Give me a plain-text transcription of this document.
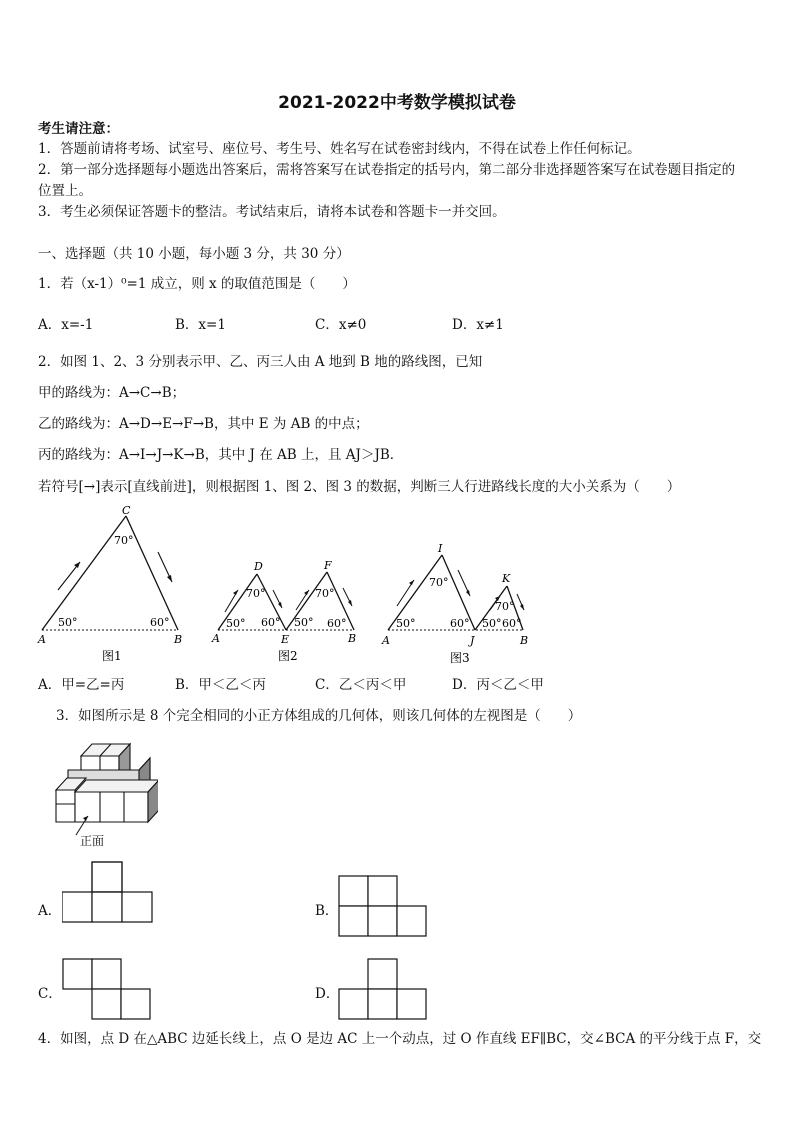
2021-2022中考数学模拟试卷
考生请注意：
1．答题前请将考场、试室号、座位号、考生号、姓名写在试卷密封线内，不得在试卷上作任何标记。
2．第一部分选择题每小题选出答案后，需将答案写在试卷指定的括号内，第二部分非选择题答案写在试卷题目指定的
位置上。
3．考生必须保证答题卡的整洁。考试结束后，请将本试卷和答题卡一并交回。
一、选择题（共 10 小题，每小题 3 分，共 30 分）
1．若（x-1）⁰=1 成立，则 x 的取值范围是（　　）
A．x=-1	B．x=1	C．x≠0	D．x≠1
2．如图 1、2、3 分别表示甲、乙、丙三人由 A 地到 B 地的路线图，已知
甲的路线为：A→C→B；
乙的路线为：A→D→E→F→B，其中 E 为 AB 的中点；
丙的路线为：A→I→J→K→B，其中 J 在 AB 上，且 AJ＞JB．
若符号[→]表示[直线前进]，则根据图 1、图 2、图 3 的数据，判断三人行进路线长度的大小关系为（　　）
C
A	B
70°
50°	60°
图1
D	F
A	E	B
70°	70°
50° 60° 50° 60°
图2
I
K
A	J	B
70°
70°
50°	60° 50° 60°
图3
A．甲=乙=丙	B．甲＜乙＜丙	C．乙＜丙＜甲	D．丙＜乙＜甲
3．如图所示是 8 个完全相同的小正方体组成的几何体，则该几何体的左视图是（　　）
正面
A．	B．
C．	D．
4．如图，点 D 在△ABC 边延长线上，点 O 是边 AC 上一个动点，过 O 作直线 EF∥BC，交∠BCA 的平分线于点 F，交
